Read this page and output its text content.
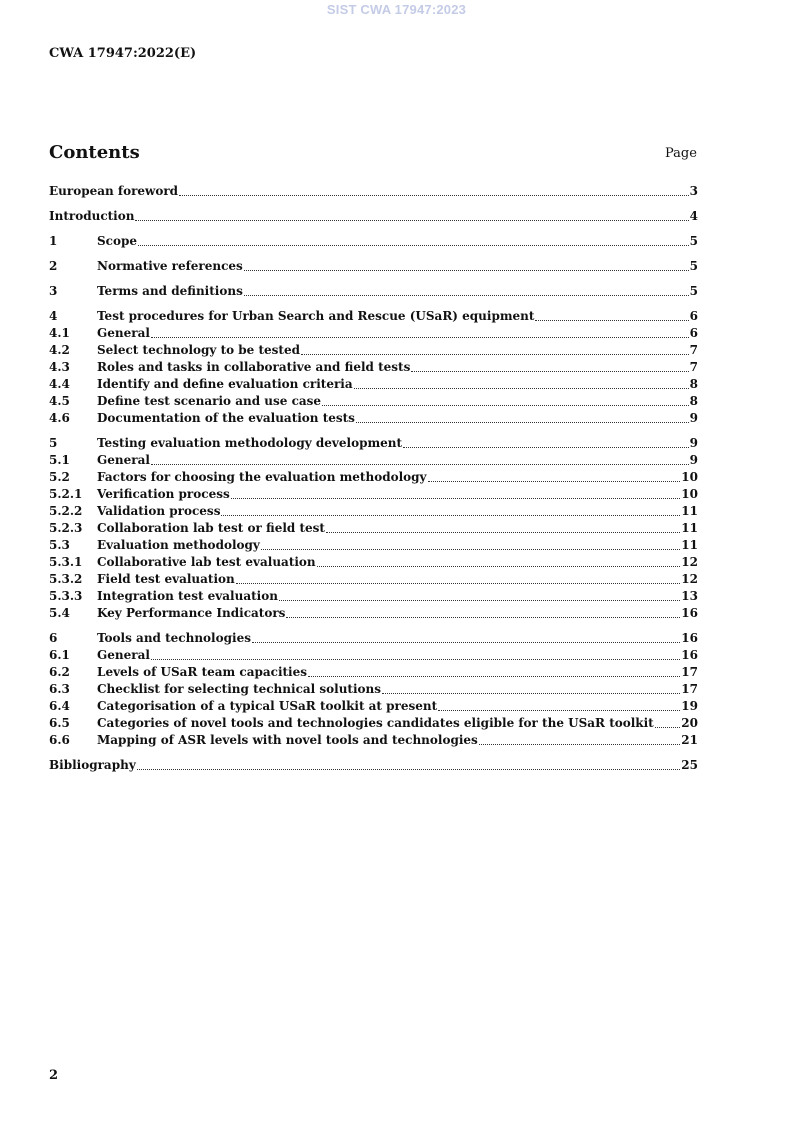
SIST CWA 17947:2023
CWA 17947:2022(E)
Contents	Page
European foreword	3
Introduction	4
1	Scope	5
2	Normative references	5
3	Terms and definitions	5
4	Test procedures for Urban Search and Rescue (USaR) equipment	6
4.1	General	6
4.2	Select technology to be tested	7
4.3	Roles and tasks in collaborative and field tests	7
4.4	Identify and define evaluation criteria	8
4.5	Define test scenario and use case	8
4.6	Documentation of the evaluation tests	9
5	Testing evaluation methodology development	9
5.1	General	9
5.2	Factors for choosing the evaluation methodology	10
5.2.1	Verification process	10
5.2.2	Validation process	11
5.2.3	Collaboration lab test or field test	11
5.3	Evaluation methodology	11
5.3.1	Collaborative lab test evaluation	12
5.3.2	Field test evaluation	12
5.3.3	Integration test evaluation	13
5.4	Key Performance Indicators	16
6	Tools and technologies	16
6.1	General	16
6.2	Levels of USaR team capacities	17
6.3	Checklist for selecting technical solutions	17
6.4	Categorisation of a typical USaR toolkit at present	19
6.5	Categories of novel tools and technologies candidates eligible for the USaR toolkit 20
6.6	Mapping of ASR levels with novel tools and technologies	21
Bibliography	25
2
